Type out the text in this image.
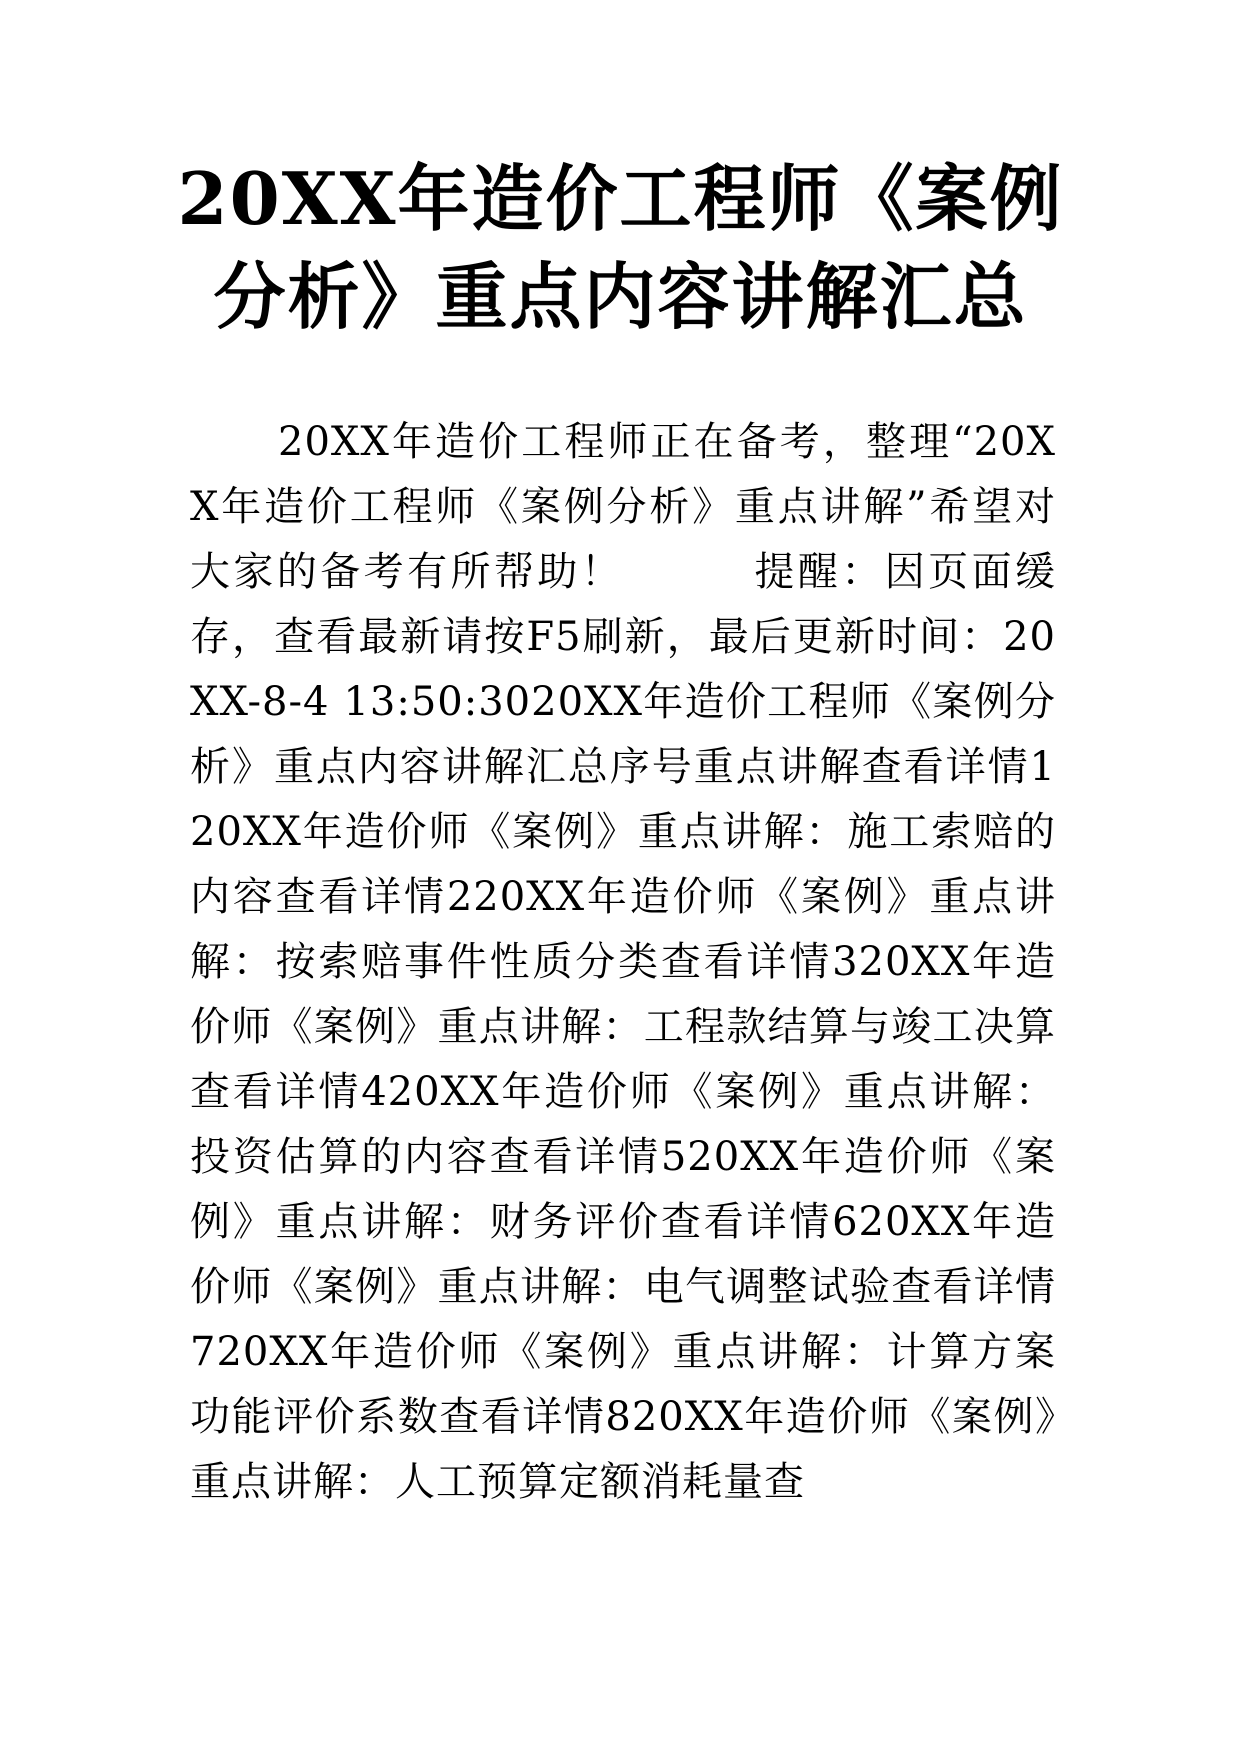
20XX年造价工程师《案例分析》重点内容讲解汇总

20XX年造价工程师正在备考，整理“20XX年造价工程师《案例分析》重点讲解”希望对大家的备考有所帮助！　　　提醒：因页面缓存，查看最新请按F5刷新，最后更新时间：20XX-8-4 13:50:3020XX年造价工程师《案例分析》重点内容讲解汇总序号重点讲解查看详情120XX年造价师《案例》重点讲解：施工索赔的内容查看详情220XX年造价师《案例》重点讲解：按索赔事件性质分类查看详情320XX年造价师《案例》重点讲解：工程款结算与竣工决算查看详情420XX年造价师《案例》重点讲解：投资估算的内容查看详情520XX年造价师《案例》重点讲解：财务评价查看详情620XX年造价师《案例》重点讲解：电气调整试验查看详情720XX年造价师《案例》重点讲解：计算方案功能评价系数查看详情820XX年造价师《案例》重点讲解：人工预算定额消耗量查
